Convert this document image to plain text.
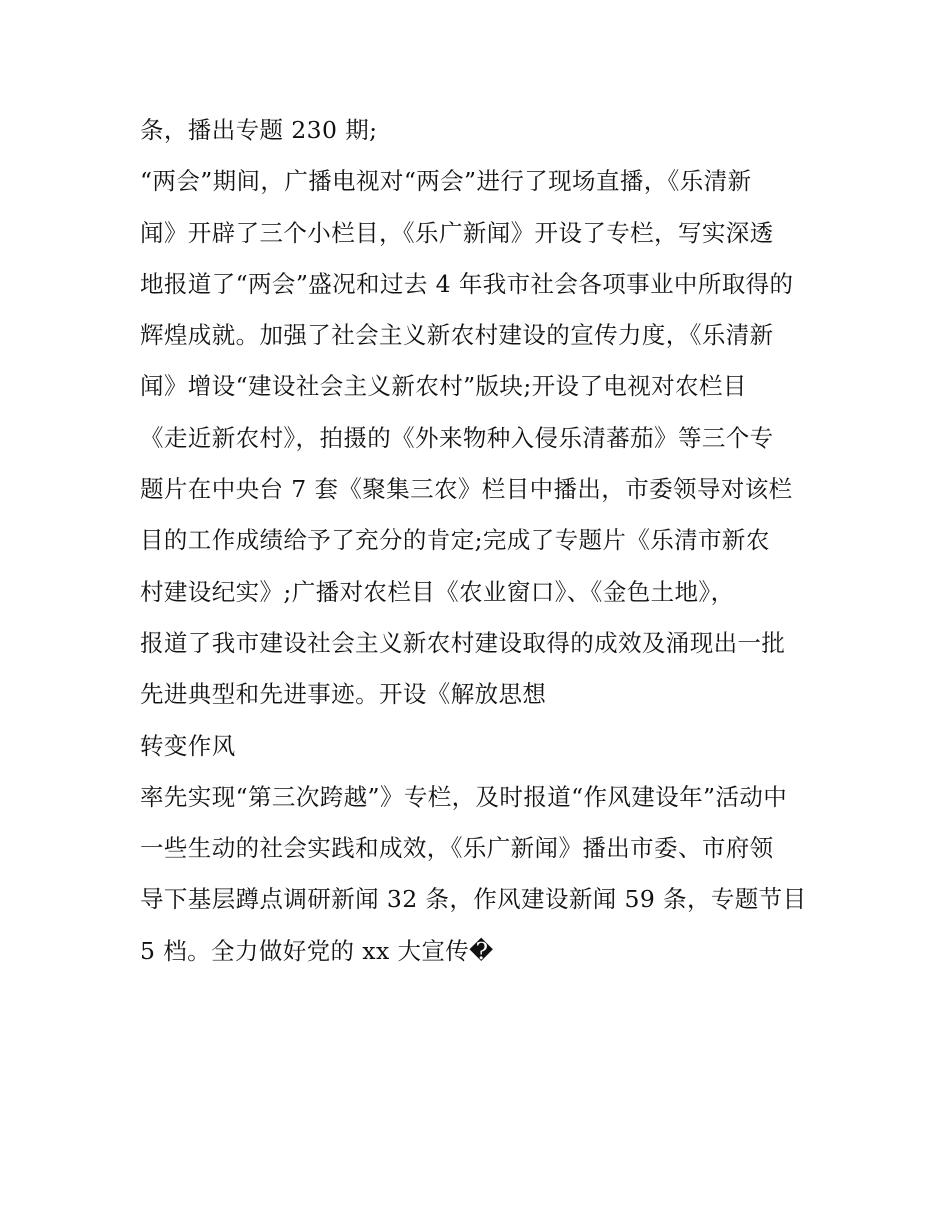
条，播出专题 230 期;
“两会”期间，广播电视对“两会”进行了现场直播，《乐清新
闻》开辟了三个小栏目，《乐广新闻》开设了专栏，写实深透
地报道了“两会”盛况和过去 4 年我市社会各项事业中所取得的
辉煌成就。加强了社会主义新农村建设的宣传力度，《乐清新
闻》增设“建设社会主义新农村”版块;开设了电视对农栏目
《走近新农村》，拍摄的《外来物种入侵乐清蕃茄》等三个专
题片在中央台 7 套《聚集三农》栏目中播出，市委领导对该栏
目的工作成绩给予了充分的肯定;完成了专题片《乐清市新农
村建设纪实》;广播对农栏目《农业窗口》、《金色土地》，
报道了我市建设社会主义新农村建设取得的成效及涌现出一批
先进典型和先进事迹。开设《解放思想
转变作风
率先实现“第三次跨越”》专栏，及时报道“作风建设年”活动中
一些生动的社会实践和成效，《乐广新闻》播出市委、市府领
导下基层蹲点调研新闻 32 条，作风建设新闻 59 条，专题节目
5 档。全力做好党的 xx 大宣传�
